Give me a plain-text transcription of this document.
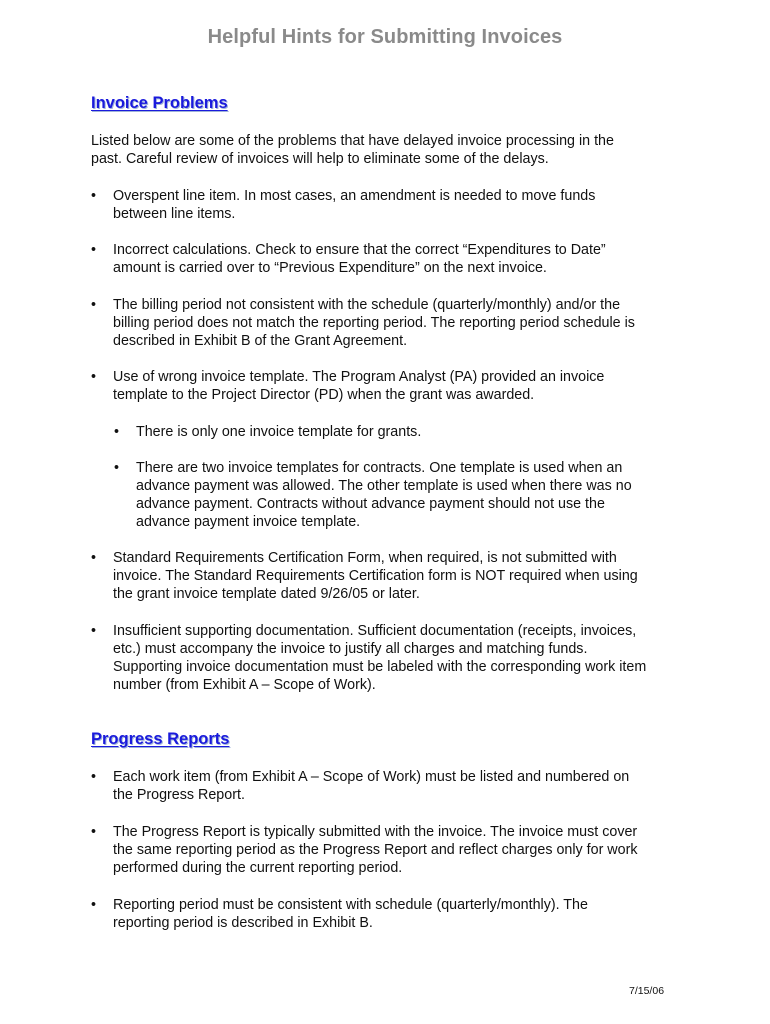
Helpful Hints for Submitting Invoices
Invoice Problems

Listed below are some of the problems that have delayed invoice processing in the
past. Careful review of invoices will help to eliminate some of the delays.

•	Overspent line item. In most cases, an amendment is needed to move funds
between line items.
•	Incorrect calculations. Check to ensure that the correct “Expenditures to Date”
amount is carried over to “Previous Expenditure” on the next invoice.
•	The billing period not consistent with the schedule (quarterly/monthly) and/or the
billing period does not match the reporting period. The reporting period schedule is
described in Exhibit B of the Grant Agreement.
•	Use of wrong invoice template. The Program Analyst (PA) provided an invoice
template to the Project Director (PD) when the grant was awarded.
•	There is only one invoice template for grants.
•	There are two invoice templates for contracts. One template is used when an
advance payment was allowed. The other template is used when there was no
advance payment. Contracts without advance payment should not use the
advance payment invoice template.
•	Standard Requirements Certification Form, when required, is not submitted with
invoice. The Standard Requirements Certification form is NOT required when using
the grant invoice template dated 9/26/05 or later.
•	Insufficient supporting documentation. Sufficient documentation (receipts, invoices,
etc.) must accompany the invoice to justify all charges and matching funds.
Supporting invoice documentation must be labeled with the corresponding work item
number (from Exhibit A – Scope of Work).
Progress Reports
•	Each work item (from Exhibit A – Scope of Work) must be listed and numbered on
the Progress Report.
•	The Progress Report is typically submitted with the invoice. The invoice must cover
the same reporting period as the Progress Report and reflect charges only for work
performed during the current reporting period.
•	Reporting period must be consistent with schedule (quarterly/monthly). The
reporting period is described in Exhibit B.
7/15/06
